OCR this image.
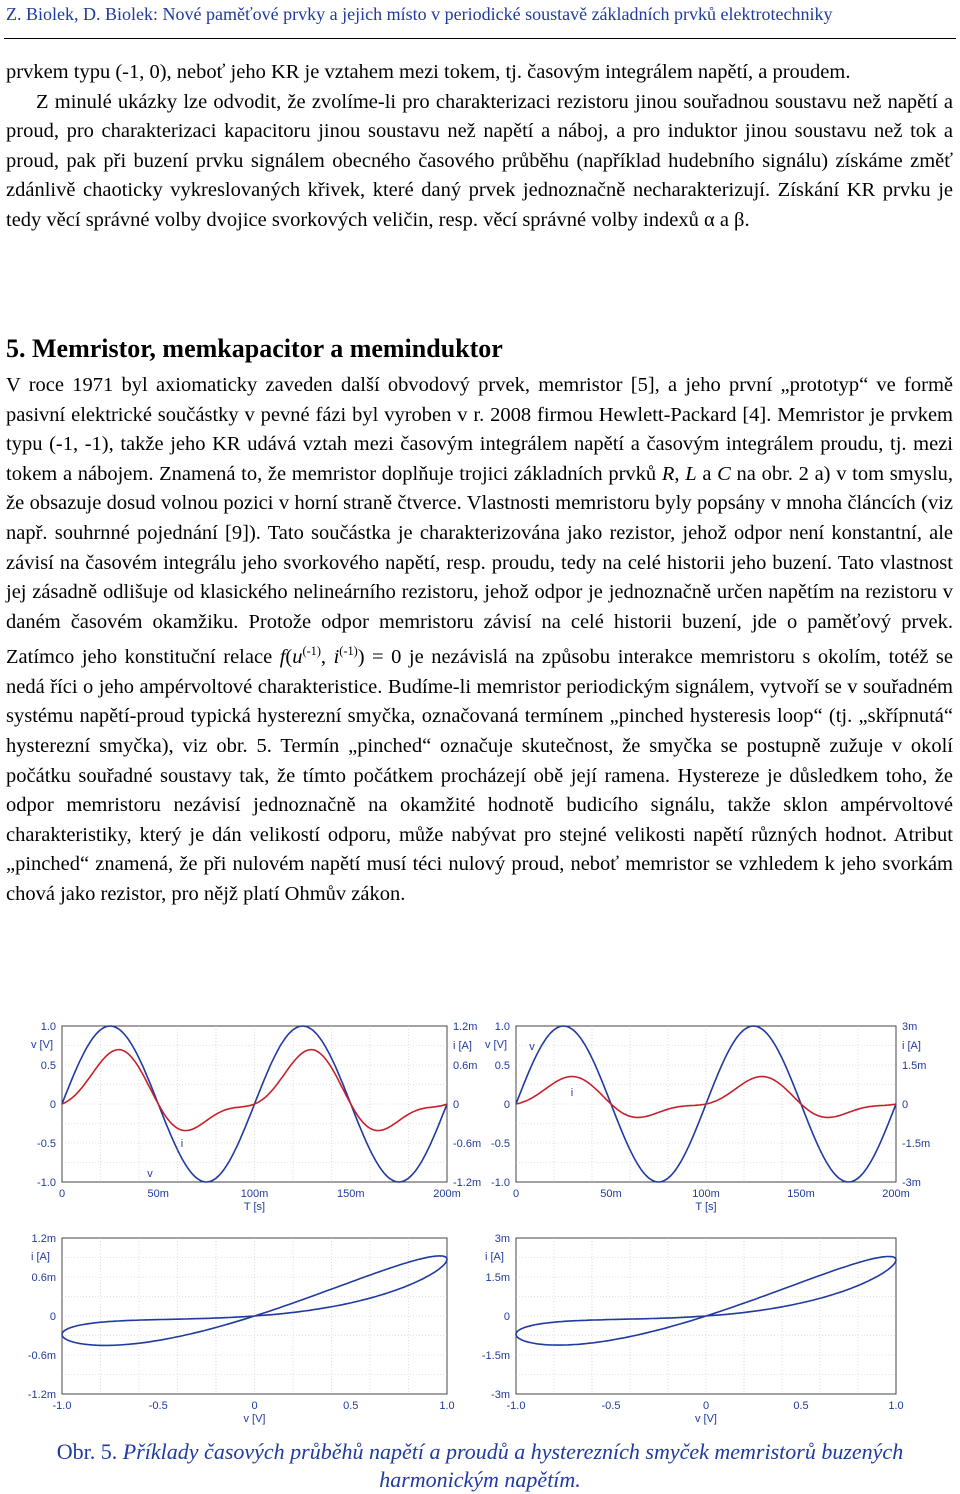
Z. Biolek, D. Biolek: Nové paměťové prvky a jejich místo v periodické soustavě základních prvků elektrotechniky

prvkem typu (-1, 0), neboť jeho KR je vztahem mezi tokem, tj. časovým integrálem napětí, a proudem.

Z minulé ukázky lze odvodit, že zvolíme-li pro charakterizaci rezistoru jinou souřadnou soustavu než napětí a proud, pro charakterizaci kapacitoru jinou soustavu než napětí a náboj, a pro induktor jinou soustavu než tok a proud, pak při buzení prvku signálem obecného časového průběhu (například hudebního signálu) získáme změť zdánlivě chaoticky vykreslovaných křivek, které daný prvek jednoznačně necharakterizují. Získání KR prvku je tedy věcí správné volby dvojice svorkových veličin, resp. věcí správné volby indexů α a β.

5. Memristor, memkapacitor a meminduktor

V roce 1971 byl axiomaticky zaveden další obvodový prvek, memristor [5], a jeho první „prototyp“ ve formě pasivní elektrické součástky v pevné fázi byl vyroben v r. 2008 firmou Hewlett-Packard [4]. Memristor je prvkem typu (-1, -1), takže jeho KR udává vztah mezi časovým integrálem napětí a časovým integrálem proudu, tj. mezi tokem a nábojem. Znamená to, že memristor doplňuje trojici základních prvků R, L a C na obr. 2 a) v tom smyslu, že obsazuje dosud volnou pozici v horní straně čtverce. Vlastnosti memristoru byly popsány v mnoha článcích (viz např. souhrnné pojednání [9]). Tato součástka je charakterizována jako rezistor, jehož odpor není konstantní, ale závisí na časovém integrálu jeho svorkového napětí, resp. proudu, tedy na celé historii jeho buzení. Tato vlastnost jej zásadně odlišuje od klasického nelineárního rezistoru, jehož odpor je jednoznačně určen napětím na rezistoru v daném časovém okamžiku. Protože odpor memristoru závisí na celé historii buzení, jde o paměťový prvek. Zatímco jeho konstituční relace $f(u^{(-1)}$, $i^{(-1)}) = 0$ je nezávislá na způsobu interakce memristoru s okolím, totéž se nedá říci o jeho ampérvoltové charakteristice. Budíme-li memristor periodickým signálem, vytvoří se v souřadném systému napětí-proud typická hysterezní smyčka, označovaná termínem „pinched hysteresis loop“ (tj. „skřípnutá“ hysterezní smyčka), viz obr. 5. Termín „pinched“ označuje skutečnost, že smyčka se postupně zužuje v okolí počátku souřadné soustavy tak, že tímto počátkem procházejí obě její ramena. Hystereze je důsledkem toho, že odpor memristoru nezávisí jednoznačně na okamžité hodnotě budicího signálu, takže sklon ampérvoltové charakteristiky, který je dán velikostí odporu, může nabývat pro stejné velikosti napětí různých hodnot. Atribut „pinched“ znamená, že při nulovém napětí musí téci nulový proud, neboť memristor se vzhledem k jeho svorkám chová jako rezistor, pro nějž platí Ohmův zákon.

1.0
0.5
0
-0.5
-1.0
1.2m
0.6m
0
-0.6m
-1.2m
0	50m	100m	150m	200m
v [V]	i [A]
T [s]
v
i
1.0
0.5
0
-0.5
-1.0
3m
1.5m
0
-1.5m
-3m
0	50m	100m	150m	200m
v [V]	i [A]
T [s]
v
i
1.2m
0.6m
0
-0.6m
-1.2m
-1.0	-0.5	0	0.5	1.0
i [A]
v [V]
3m
1.5m
0
-1.5m
-3m
-1.0	-0.5	0	0.5	1.0
i [A]
v [V]
Obr. 5. Příklady časových průběhů napětí a proudů a hysterezních smyček memristorů buzených harmonickým napětím.
